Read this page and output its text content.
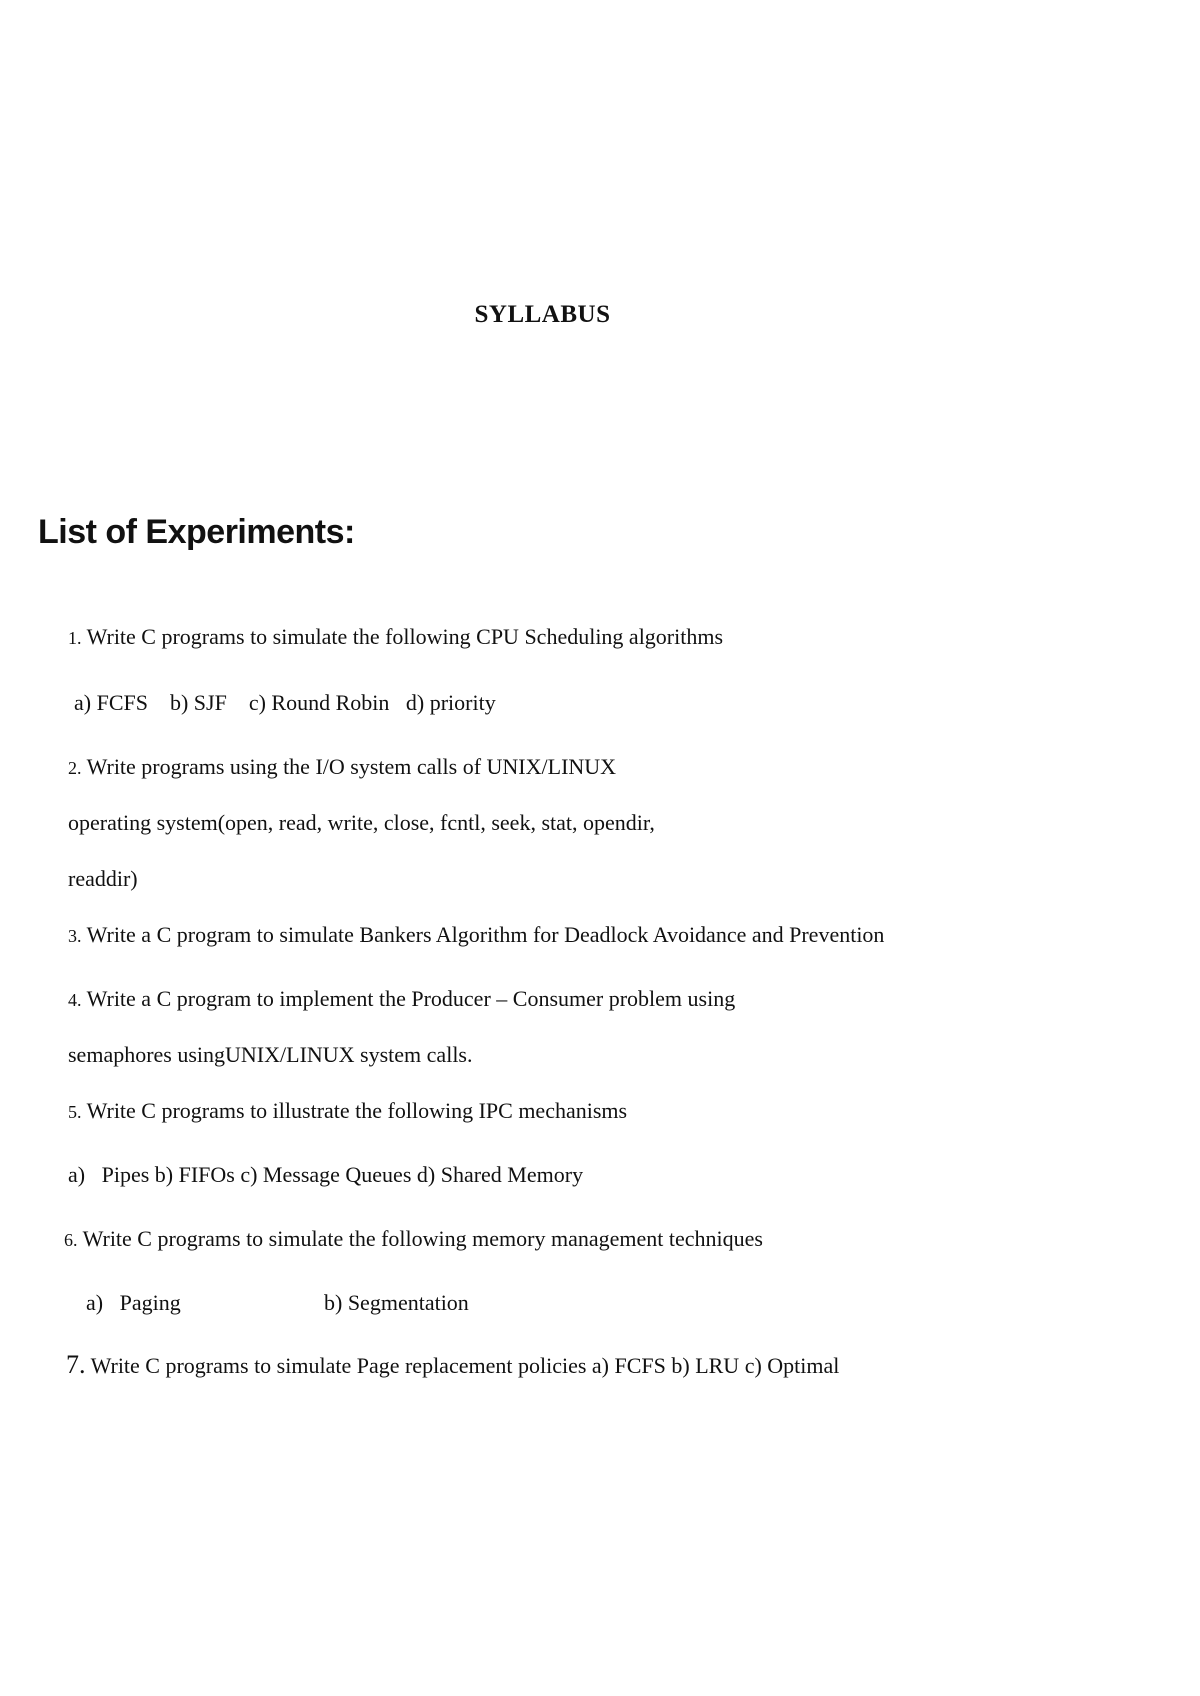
SYLLABUS
List of Experiments:
1. Write C programs to simulate the following CPU Scheduling algorithms
a) FCFS    b) SJF    c) Round Robin   d) priority
2. Write programs using the I/O system calls of UNIX/LINUX
operating system(open, read, write, close, fcntl, seek, stat, opendir,
readdir)
3. Write a C program to simulate Bankers Algorithm for Deadlock Avoidance and Prevention
4. Write a C program to implement the Producer – Consumer problem using
semaphores usingUNIX/LINUX system calls.
5. Write C programs to illustrate the following IPC mechanisms
a)   Pipes b) FIFOs c) Message Queues d) Shared Memory
6. Write C programs to simulate the following memory management techniques
a)   Paging	b) Segmentation
7. Write C programs to simulate Page replacement policies a) FCFS b) LRU c) Optimal
